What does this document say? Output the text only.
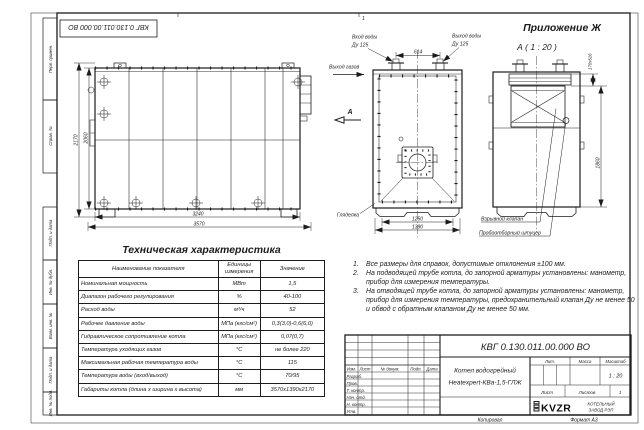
1
Перв. примен.
Справ. №
Подп. и дата
Инв. № дубл.
Взам. инв. №
Подп. и дата
Инв. № подл.
КВГ 0.130.011.00.000 ВО	Приложение Ж
А ( 1 : 20 )
2170 2060
3240
3570
614
Вход воды
Ду 125
Выход воды
Ду 125
Выход газов
А
Гляделка
1250
1390
Взрывной клапан
Пробоотборный штуцер
170х616
1860
Изм. Лист № докум.	Подп. Дата
Разраб.
Пров.
Т. контр.
Нач. отд.
Н. контр.
Утв.
КВГ 0.130.011.00.000 ВО
Котел водогрейный
Heatexpert-КВа-1,5-ГЛЖ
Лит.	Масса	Масштаб
1 : 20
Лист	Листов	1
KVZR	КОТЕЛЬНЫЙ
ЗАВОД РЭП
Копировал	Формат А3
1.	Все размеры для справок, допустимые отклонения ±100 мм.
2.	На подводящей трубе котла, до запорной арматуры установлены: манометр, прибор для измерения температуры.
3.	На отводящей трубе котла, до запорной арматуры установлены: манометр, прибор для измерения температуры, предохранительный клапан Ду не менее 50 и обвод с обратным клапаном Ду не менее 50 мм.
Техническая характеристика
Наименование показателя	Единицы измерения	Значение
Номинальная мощность	МВт	1,5
Диапазон рабочего регулирования	%	40-100
Расход воды	м³/ч	52
Рабочее давление воды	МПа (кгс/см²)	0,3(3,0)-0,6(6,0)
Гидравлическое сопротивление котла	МПа (кгс/см²)	0,07(0,7)
Температура уходящих газов	°С	не более 220
Максимальная рабочая температура воды	°С	115
Температура воды (вход/выход)	°С	70/95
Габариты котла (длина х ширина х высота)	мм	3570х1390х2170
